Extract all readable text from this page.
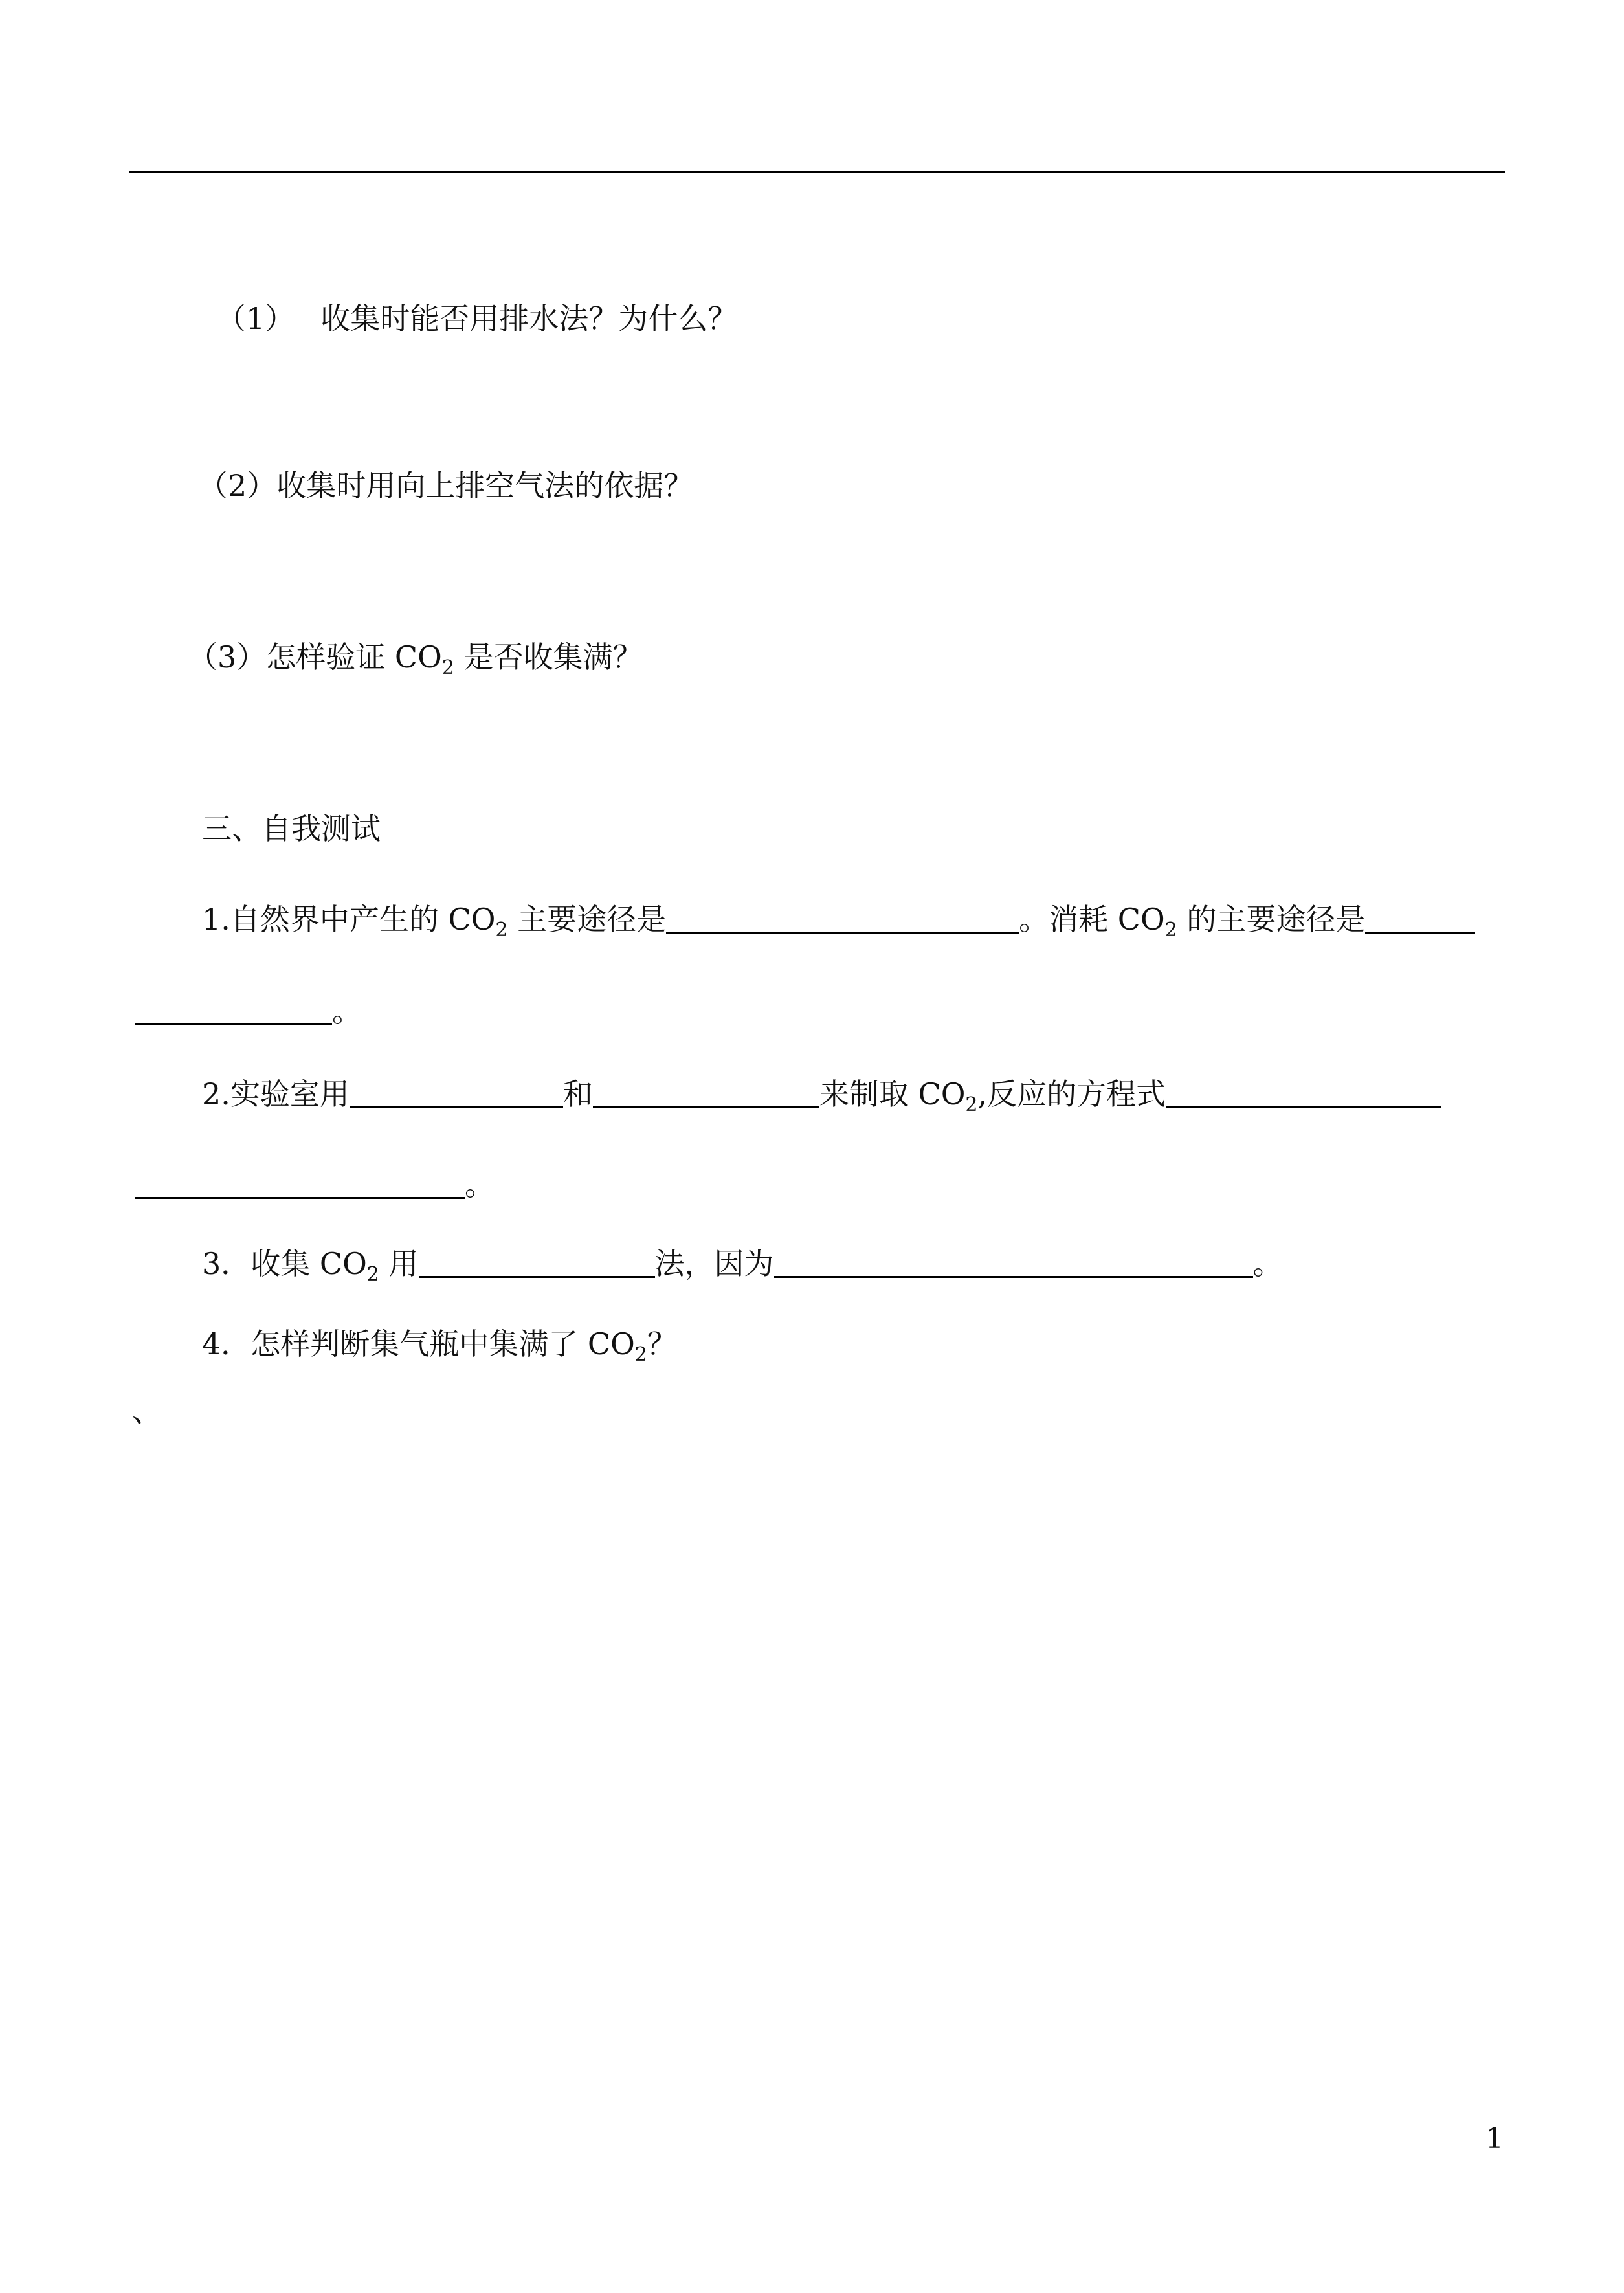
（1） 收集时能否用排水法？为什么？
（2）收集时用向上排空气法的依据？
（3）怎样验证 $CO_2$ 是否收集满？
三、自我测试
1.自然界中产生的 $CO_2$ 主要途径是	。消耗 $CO_2$ 的主要途径是
。
2.实验室用	和	来制取 $CO_2$,反应的方程式
。
3．收集 $CO_2$ 用	法，因为	。
4．怎样判断集气瓶中集满了 $CO_2$？
、
1
